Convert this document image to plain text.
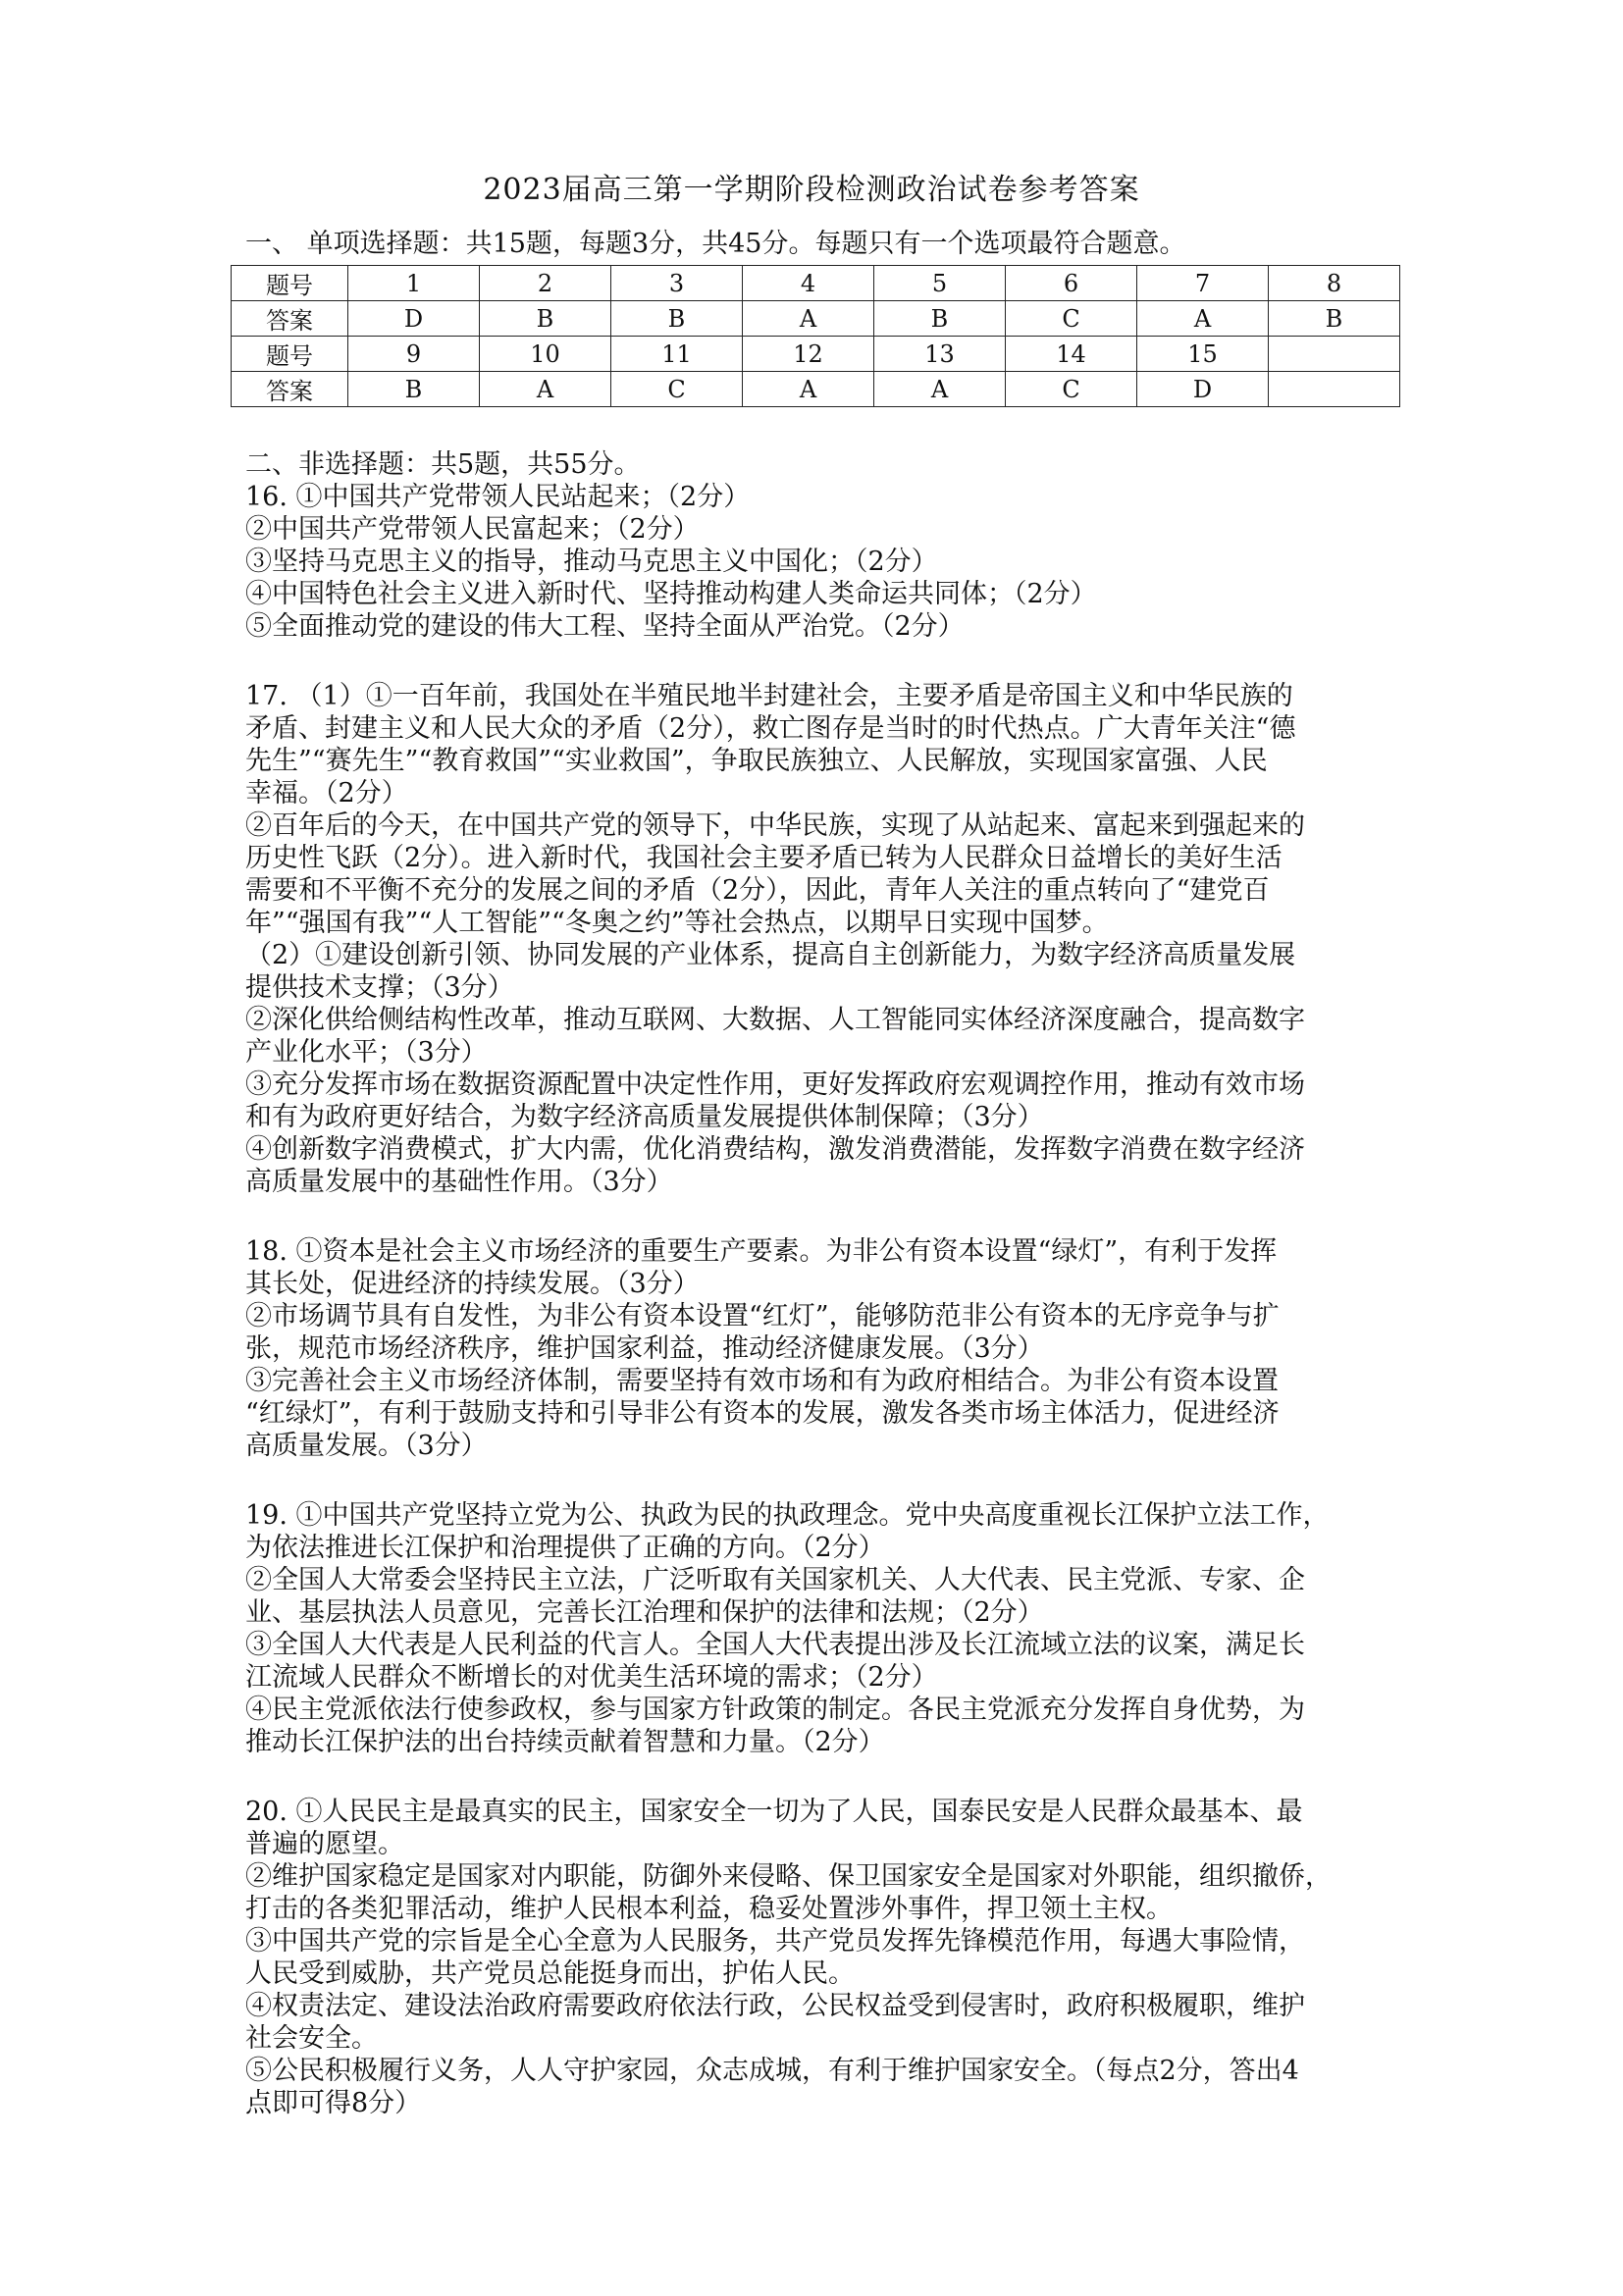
2023届高三第一学期阶段检测政治试卷参考答案
一、 单项选择题：共15题，每题3分，共45分。每题只有一个选项最符合题意。
题号	1	2	3	4	5	6	7	8
答案	D	B	B	A	B	C	A	B
题号	9	10	11	12	13	14	15	
答案	B	A	C	A	A	C	D	
二、非选择题：共5题，共55分。
16. ①中国共产党带领人民站起来；（2分）
②中国共产党带领人民富起来；（2分）
③坚持马克思主义的指导，推动马克思主义中国化；（2分）
④中国特色社会主义进入新时代、坚持推动构建人类命运共同体；（2分）
⑤全面推动党的建设的伟大工程、坚持全面从严治党。（2分）
17. （1）①一百年前，我国处在半殖民地半封建社会，主要矛盾是帝国主义和中华民族的
矛盾、封建主义和人民大众的矛盾（2分），救亡图存是当时的时代热点。广大青年关注“德
先生”“赛先生”“教育救国”“实业救国”，争取民族独立、人民解放，实现国家富强、人民
幸福。（2分）
②百年后的今天，在中国共产党的领导下，中华民族，实现了从站起来、富起来到强起来的
历史性飞跃（2分）。进入新时代，我国社会主要矛盾已转为人民群众日益增长的美好生活
需要和不平衡不充分的发展之间的矛盾（2分），因此，青年人关注的重点转向了“建党百
年”“强国有我”“人工智能”“冬奥之约”等社会热点，以期早日实现中国梦。
（2）①建设创新引领、协同发展的产业体系，提高自主创新能力，为数字经济高质量发展
提供技术支撑；（3分）
②深化供给侧结构性改革，推动互联网、大数据、人工智能同实体经济深度融合，提高数字
产业化水平；（3分）
③充分发挥市场在数据资源配置中决定性作用，更好发挥政府宏观调控作用，推动有效市场
和有为政府更好结合，为数字经济高质量发展提供体制保障；（3分）
④创新数字消费模式，扩大内需，优化消费结构，激发消费潜能，发挥数字消费在数字经济
高质量发展中的基础性作用。（3分）
18. ①资本是社会主义市场经济的重要生产要素。为非公有资本设置“绿灯”，有利于发挥
其长处，促进经济的持续发展。（3分）
②市场调节具有自发性，为非公有资本设置“红灯”，能够防范非公有资本的无序竞争与扩
张，规范市场经济秩序，维护国家利益，推动经济健康发展。（3分）
③完善社会主义市场经济体制，需要坚持有效市场和有为政府相结合。为非公有资本设置
“红绿灯”，有利于鼓励支持和引导非公有资本的发展，激发各类市场主体活力，促进经济
高质量发展。（3分）
19. ①中国共产党坚持立党为公、执政为民的执政理念。党中央高度重视长江保护立法工作，
为依法推进长江保护和治理提供了正确的方向。（2分）
②全国人大常委会坚持民主立法，广泛听取有关国家机关、人大代表、民主党派、专家、企
业、基层执法人员意见，完善长江治理和保护的法律和法规；（2分）
③全国人大代表是人民利益的代言人。全国人大代表提出涉及长江流域立法的议案，满足长
江流域人民群众不断增长的对优美生活环境的需求；（2分）
④民主党派依法行使参政权，参与国家方针政策的制定。各民主党派充分发挥自身优势，为
推动长江保护法的出台持续贡献着智慧和力量。（2分）
20. ①人民民主是最真实的民主，国家安全一切为了人民，国泰民安是人民群众最基本、最
普遍的愿望。
②维护国家稳定是国家对内职能，防御外来侵略、保卫国家安全是国家对外职能，组织撤侨，
打击的各类犯罪活动，维护人民根本利益，稳妥处置涉外事件，捍卫领土主权。
③中国共产党的宗旨是全心全意为人民服务，共产党员发挥先锋模范作用，每遇大事险情，
人民受到威胁，共产党员总能挺身而出，护佑人民。
④权责法定、建设法治政府需要政府依法行政，公民权益受到侵害时，政府积极履职，维护
社会安全。
⑤公民积极履行义务，人人守护家园，众志成城，有利于维护国家安全。（每点2分，答出4
点即可得8分）
